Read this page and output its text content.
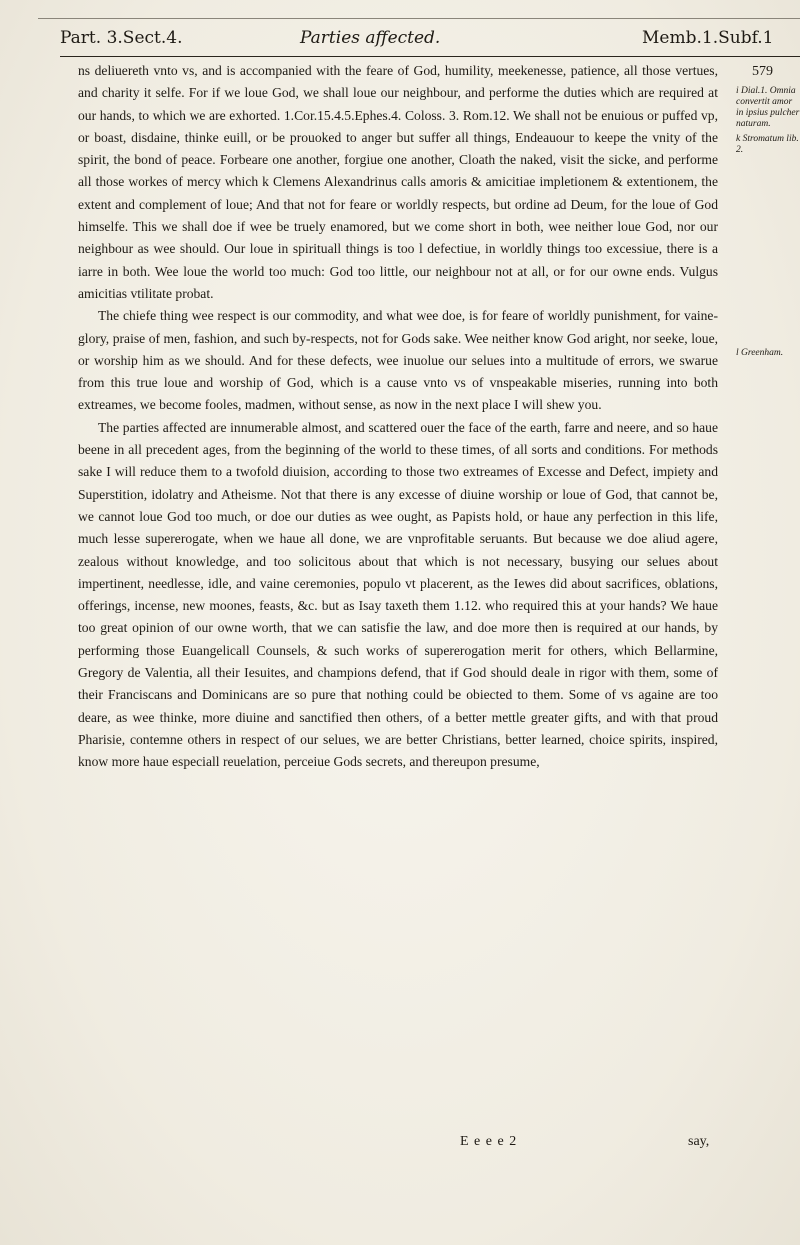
Part. 3.Sect.4.	Parties affected.	Memb.1.Subf.1
579

ns deliuereth vnto vs, and is accompanied with the feare of God, humility, meekenesse, patience, all those vertues, and charity it selfe. For if we loue God, we shall loue our neighbour, and performe the duties which are required at our hands, to which we are exhorted. 1.Cor.15.4.5.Ephes.4. Coloss. 3. Rom.12. We shall not be enuious or puffed vp, or boast, disdaine, thinke euill, or be prouoked to anger but suffer all things, Endeauour to keepe the vnity of the spirit, the bond of peace. Forbeare one another, forgiue one another, Cloath the naked, visit the sicke, and performe all those workes of mercy which k Clemens Alexandrinus calls amoris & amicitiae impletionem & extentionem, the extent and complement of loue; And that not for feare or worldly respects, but ordine ad Deum, for the loue of God himselfe. This we shall doe if wee be truely enamored, but we come short in both, wee neither loue God, nor our neighbour as wee should. Our loue in spirituall things is too l defectiue, in worldly things too excessiue, there is a iarre in both. Wee loue the world too much: God too little, our neighbour not at all, or for our owne ends. Vulgus amicitias vtilitate probat.

The chiefe thing wee respect is our commodity, and what wee doe, is for feare of worldly punishment, for vaine-glory, praise of men, fashion, and such by-respects, not for Gods sake. Wee neither know God aright, nor seeke, loue, or worship him as we should. And for these defects, wee inuolue our selues into a multitude of errors, we swarue from this true loue and worship of God, which is a cause vnto vs of vnspeakable miseries, running into both extreames, we become fooles, madmen, without sense, as now in the next place I will shew you.

The parties affected are innumerable almost, and scattered ouer the face of the earth, farre and neere, and so haue beene in all precedent ages, from the beginning of the world to these times, of all sorts and conditions. For methods sake I will reduce them to a twofold diuision, according to those two extreames of Excesse and Defect, impiety and Superstition, idolatry and Atheisme. Not that there is any excesse of diuine worship or loue of God, that cannot be, we cannot loue God too much, or doe our duties as wee ought, as Papists hold, or haue any perfection in this life, much lesse supererogate, when we haue all done, we are vnprofitable seruants. But because we doe aliud agere, zealous without knowledge, and too solicitous about that which is not necessary, busying our selues about impertinent, needlesse, idle, and vaine ceremonies, populo vt placerent, as the Iewes did about sacrifices, oblations, offerings, incense, new moones, feasts, &c. but as Isay taxeth them 1.12. who required this at your hands? We haue too great opinion of our owne worth, that we can satisfie the law, and doe more then is required at our hands, by performing those Euangelicall Counsels, & such works of supererogation merit for others, which Bellarmine, Gregory de Valentia, all their Iesuites, and champions defend, that if God should deale in rigor with them, some of their Franciscans and Dominicans are so pure that nothing could be obiected to them. Some of vs againe are too deare, as wee thinke, more diuine and sanctified then others, of a better mettle greater gifts, and with that proud Pharisie, contemne others in respect of our selues, we are better Christians, better learned, choice spirits, inspired, know more haue especiall reuelation, perceiue Gods secrets, and thereupon presume,

i Dial.1. Omnia convertit amor in ipsius pulcher naturam.
k Stromatum lib. 2.
l Greenham.
E e e e 2	say,
